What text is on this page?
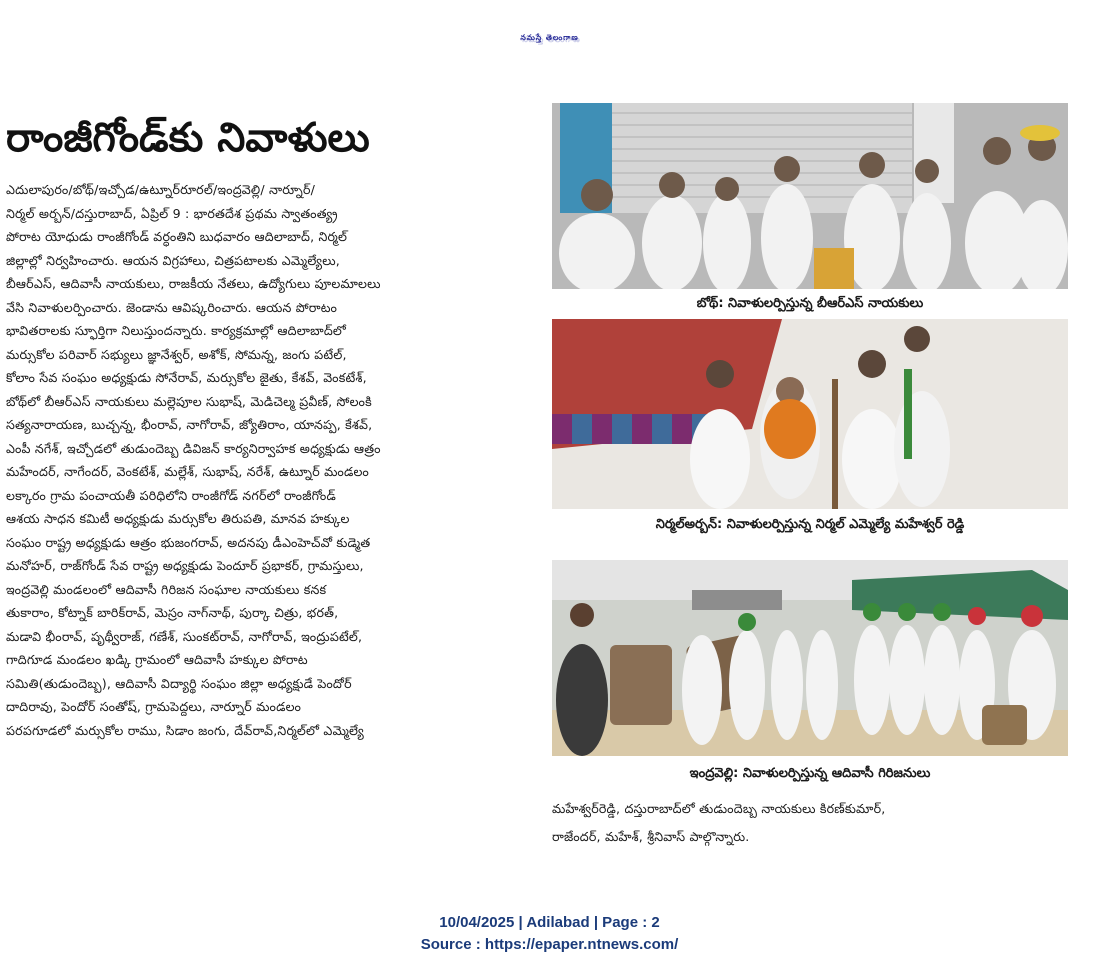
నమస్తే తెలంగాణ
రాంజీగోండ్‌కు నివాళులు
ఎదులాపురం/బోథ్/ఇచ్చోడ/ఉట్నూర్‌రూరల్/ఇంద్రవెల్లి/ నార్నూర్/
నిర్మల్ అర్బన్/దస్తురాబాద్, ఏప్రిల్ 9 : భారతదేశ ప్రథమ స్వాతంత్య్ర
పోరాట యోధుడు రాంజీగోండ్ వర్ధంతిని బుధవారం ఆదిలాబాద్, నిర్మల్
జిల్లాల్లో నిర్వహించారు. ఆయన విగ్రహాలు, చిత్రపటాలకు ఎమ్మెల్యేలు,
బీఆర్‌ఎస్, ఆదివాసీ నాయకులు, రాజకీయ నేతలు, ఉద్యోగులు పూలమాలలు
వేసి నివాళులర్పించారు. జెండాను ఆవిష్కరించారు. ఆయన పోరాటం
భావితరాలకు స్ఫూర్తిగా నిలుస్తుందన్నారు. కార్యక్రమాల్లో ఆదిలాబాద్‌లో
మర్సుకోల పరివార్ సభ్యులు జ్ఞానేశ్వర్, అశోక్, సోమన్న, జంగు పటేల్,
కోలాం సేవ సంఘం అధ్యక్షుడు సోనేరావ్, మర్సుకోల జైతు, కేశవ్, వెంకటేశ్,
బోథ్‌లో బీఆర్‌ఎస్ నాయకులు మల్లెపూల సుభాష్, మెడిచెల్మ ప్రవీణ్, సోలంకి
సత్యనారాయణ, బుచ్చన్న, భీంరావ్, నాగోరావ్, జ్యోతిరాం, యానప్ప, కేశవ్,
ఎంపీ నగేశ్, ఇచ్చోడలో తుడుందెబ్బ డివిజన్ కార్యనిర్వాహక అధ్యక్షుడు ఆత్రం
మహేందర్, నాగేందర్, వెంకటేశ్, మల్లేశ్, సుభాష్, నరేశ్, ఉట్నూర్ మండలం
లక్కారం గ్రామ పంచాయతీ పరిధిలోని రాంజీగోడ్ నగర్‌లో రాంజీగోండ్
ఆశయ సాధన కమిటీ అధ్యక్షుడు మర్సుకోల తిరుపతి, మానవ హక్కుల
సంఘం రాష్ట్ర అధ్యక్షుడు ఆత్రం భుజంగరావ్, అదనపు డీఎంహెచ్‌వో కుడ్మెత
మనోహర్, రాజ్‌గోండ్ సేవ రాష్ట్ర అధ్యక్షుడు పెందూర్ ప్రభాకర్, గ్రామస్తులు,
ఇంద్రవెల్లి మండలంలో ఆదివాసీ గిరిజన సంఘాల నాయకులు కనక
తుకారాం, కోట్నాక్ బారిక్‌రావ్, మెస్రం నాగ్‌నాథ్, పుర్కా చిత్రు, భరత్,
మడావి భీంరావ్, పృథ్వీరాజ్, గణేశ్, సుంకట్‌రావ్, నాగోరావ్, ఇంద్రుపటేల్,
గాదిగూడ మండలం ఖడ్కి గ్రామంలో ఆదివాసీ హక్కుల పోరాట
సమితి(తుడుందెబ్బ), ఆదివాసీ విద్యార్థి సంఘం జిల్లా అధ్యక్షుడే పెందోర్
దాదిరావు, పెందోర్ సంతోష్, గ్రామపెద్దలు, నార్నూర్ మండలం
పరపగూడలో మర్సుకోల రాము, సిడాం జంగు, దేవ్‌రావ్,నిర్మల్‌లో ఎమ్మెల్యే
బోథ్: నివాళులర్పిస్తున్న బీఆర్‌ఎస్ నాయకులు
నిర్మల్‌అర్బన్: నివాళులర్పిస్తున్న నిర్మల్ ఎమ్మెల్యే మహేశ్వర్ రెడ్డి
ఇంద్రవెల్లి: నివాళులర్పిస్తున్న ఆదివాసీ గిరిజనులు
మహేశ్వర్‌రెడ్డి, దస్తురాబాద్‌లో తుడుందెబ్బ నాయకులు కిరణ్‌కుమార్,
రాజేందర్, మహేశ్, శ్రీనివాస్ పాల్గొన్నారు.
10/04/2025 | Adilabad | Page : 2
Source : https://epaper.ntnews.com/
